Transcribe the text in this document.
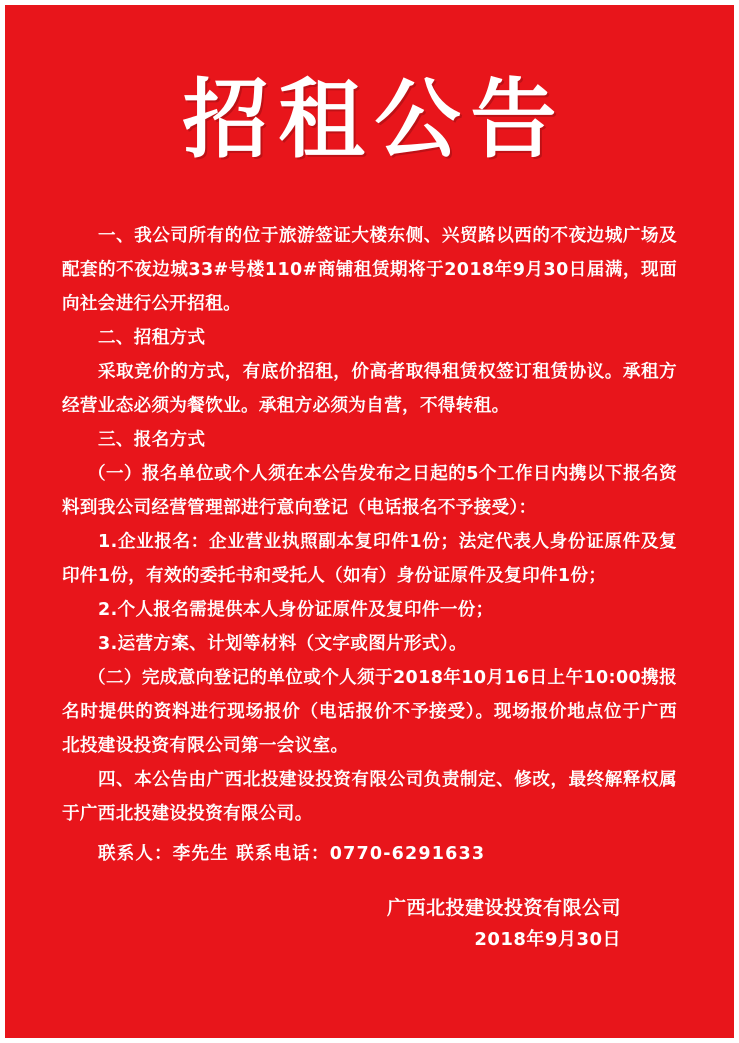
招租公告

一、我公司所有的位于旅游签证大楼东侧、兴贸路以西的不夜边城广场及配套的不夜边城33#号楼110#商铺租赁期将于2018年9月30日届满，现面向社会进行公开招租。

二、招租方式

采取竞价的方式，有底价招租，价高者取得租赁权签订租赁协议。承租方经营业态必须为餐饮业。承租方必须为自营，不得转租。

三、报名方式

（一）报名单位或个人须在本公告发布之日起的5个工作日内携以下报名资料到我公司经营管理部进行意向登记（电话报名不予接受）：

1.企业报名：企业营业执照副本复印件1份；法定代表人身份证原件及复印件1份，有效的委托书和受托人（如有）身份证原件及复印件1份；

2.个人报名需提供本人身份证原件及复印件一份；

3.运营方案、计划等材料（文字或图片形式）。

（二）完成意向登记的单位或个人须于2018年10月16日上午10:00携报名时提供的资料进行现场报价（电话报价不予接受）。现场报价地点位于广西北投建设投资有限公司第一会议室。

四、本公告由广西北投建设投资有限公司负责制定、修改，最终解释权属于广西北投建设投资有限公司。

联系人：李先生 联系电话：0770-6291633
广西北投建设投资有限公司
2018年9月30日
